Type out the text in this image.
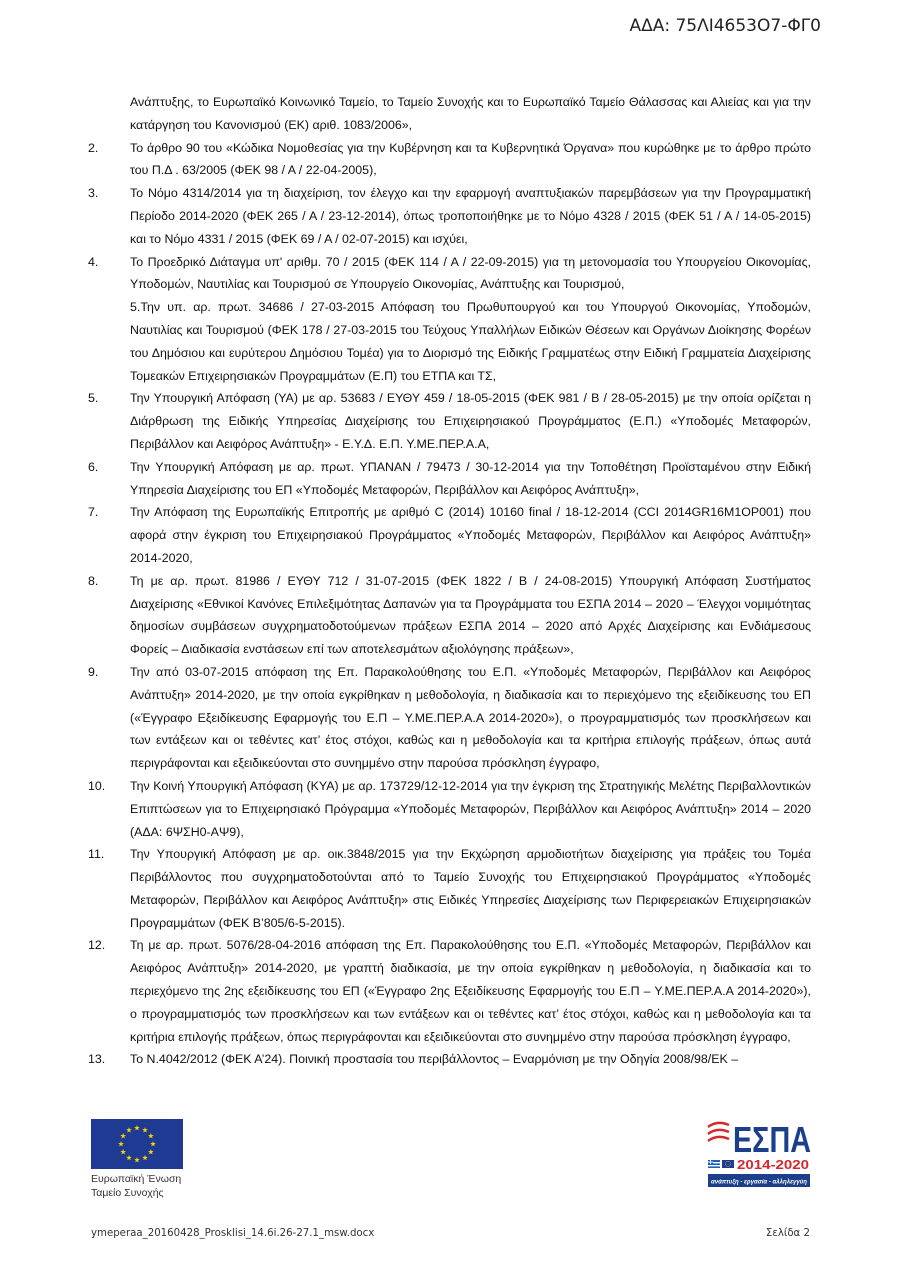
ΑΔΑ: 75ΛΙ4653Ο7-ΦΓ0
Ανάπτυξης, το Ευρωπαϊκό Κοινωνικό Ταμείο, το Ταμείο Συνοχής και το Ευρωπαϊκό Ταμείο Θάλασσας και Αλιείας και για την κατάργηση του Κανονισμού (ΕΚ) αριθ. 1083/2006»,
2.	Το άρθρο 90 του «Κώδικα Νομοθεσίας για την Κυβέρνηση και τα Κυβερνητικά Όργανα» που κυρώθηκε με το άρθρο πρώτο του Π.Δ . 63/2005 (ΦΕΚ 98 / Α / 22-04-2005),
3.	Το Νόμο 4314/2014 για τη διαχείριση, τον έλεγχο και την εφαρμογή αναπτυξιακών παρεμβάσεων για την Προγραμματική Περίοδο 2014-2020 (ΦΕΚ 265 / Α / 23-12-2014), όπως τροποποιήθηκε με το Νόμο 4328 / 2015 (ΦΕΚ 51 / Α / 14-05-2015) και το Νόμο 4331 / 2015 (ΦΕΚ 69 / Α / 02-07-2015) και ισχύει,
4.	Το Προεδρικό Διάταγμα υπ' αριθμ. 70 / 2015 (ΦΕΚ 114 / Α / 22-09-2015) για τη μετονομασία του Υπουργείου Οικονομίας, Υποδομών, Ναυτιλίας και Τουρισμού σε Υπουργείο Οικονομίας, Ανάπτυξης και Τουρισμού,
5.Την υπ. αρ. πρωτ. 34686 / 27-03-2015 Απόφαση του Πρωθυπουργού και του Υπουργού Οικονομίας, Υποδομών, Ναυτιλίας και Τουρισμού (ΦΕΚ 178 / 27-03-2015 του Τεύχους Υπαλλήλων Ειδικών Θέσεων και Οργάνων Διοίκησης Φορέων του Δημόσιου και ευρύτερου Δημόσιου Τομέα) για το Διορισμό της Ειδικής Γραμματέως στην Ειδική Γραμματεία Διαχείρισης Τομεακών Επιχειρησιακών Προγραμμάτων (Ε.Π) του ΕΤΠΑ και ΤΣ,
5.	Την Υπουργική Απόφαση (ΥΑ) με αρ. 53683 / ΕΥΘΥ 459 / 18-05-2015 (ΦΕΚ 981 / Β / 28-05-2015) με την οποία ορίζεται η Διάρθρωση της Ειδικής Υπηρεσίας Διαχείρισης του Επιχειρησιακού Προγράμματος (Ε.Π.) «Υποδομές Μεταφορών, Περιβάλλον και Αειφόρος Ανάπτυξη» - Ε.Υ.Δ. Ε.Π. Υ.ΜΕ.ΠΕΡ.Α.Α,
6.	Την Υπουργική Απόφαση με αρ. πρωτ. ΥΠΑΝΑΝ / 79473 / 30-12-2014 για την Τοποθέτηση Προϊσταμένου στην Ειδική Υπηρεσία Διαχείρισης του ΕΠ «Υποδομές Μεταφορών, Περιβάλλον και Αειφόρος Ανάπτυξη»,
7.	Την Απόφαση της Ευρωπαϊκής Επιτροπής με αριθμό C (2014) 10160 final / 18-12-2014 (CCI 2014GR16M1OP001) που αφορά στην έγκριση του Επιχειρησιακού Προγράμματος «Υποδομές Μεταφορών, Περιβάλλον και Αειφόρος Ανάπτυξη» 2014-2020,
8.	Τη με αρ. πρωτ. 81986 / ΕΥΘΥ 712 / 31-07-2015 (ΦΕΚ 1822 / Β / 24-08-2015) Υπουργική Απόφαση Συστήματος Διαχείρισης «Εθνικοί Κανόνες Επιλεξιμότητας Δαπανών για τα Προγράμματα του ΕΣΠΑ 2014 – 2020 – Έλεγχοι νομιμότητας δημοσίων συμβάσεων συγχρηματοδοτούμενων πράξεων ΕΣΠΑ 2014 – 2020 από Αρχές Διαχείρισης και Ενδιάμεσους Φορείς – Διαδικασία ενστάσεων επί των αποτελεσμάτων αξιολόγησης πράξεων»,
9.	Την από 03-07-2015 απόφαση της Επ. Παρακολούθησης του Ε.Π. «Υποδομές Μεταφορών, Περιβάλλον και Αειφόρος Ανάπτυξη» 2014-2020, με την οποία εγκρίθηκαν η μεθοδολογία, η διαδικασία και το περιεχόμενο της εξειδίκευσης του ΕΠ («Έγγραφο Εξειδίκευσης Εφαρμογής του Ε.Π – Υ.ΜΕ.ΠΕΡ.Α.Α 2014-2020»), ο προγραμματισμός των προσκλήσεων και των εντάξεων και οι τεθέντες κατ’ έτος στόχοι, καθώς και η μεθοδολογία και τα κριτήρια επιλογής πράξεων, όπως αυτά περιγράφονται και εξειδικεύονται στο συνημμένο στην παρούσα πρόσκληση έγγραφο,
10. Την Κοινή Υπουργική Απόφαση (ΚΥΑ) με αρ. 173729/12-12-2014 για την έγκριση της Στρατηγικής Μελέτης Περιβαλλοντικών Επιπτώσεων για το Επιχειρησιακό Πρόγραμμα «Υποδομές Μεταφορών, Περιβάλλον και Αειφόρος Ανάπτυξη» 2014 – 2020 (ΑΔΑ: 6ΨΣΗ0-ΑΨ9),
11. Την Υπουργική Απόφαση με αρ. οικ.3848/2015 για την Εκχώρηση αρμοδιοτήτων διαχείρισης για πράξεις του Τομέα Περιβάλλοντος που συγχρηματοδοτούνται από το Ταμείο Συνοχής του Επιχειρησιακού Προγράμματος «Υποδομές Μεταφορών, Περιβάλλον και Αειφόρος Ανάπτυξη» στις Ειδικές Υπηρεσίες Διαχείρισης των Περιφερειακών Επιχειρησιακών Προγραμμάτων (ΦΕΚ Β’805/6-5-2015).
12. Τη με αρ. πρωτ. 5076/28-04-2016 απόφαση της Επ. Παρακολούθησης του Ε.Π. «Υποδομές Μεταφορών, Περιβάλλον και Αειφόρος Ανάπτυξη» 2014-2020, με γραπτή διαδικασία, με την οποία εγκρίθηκαν η μεθοδολογία, η διαδικασία και το περιεχόμενο της 2ης εξειδίκευσης του ΕΠ («Έγγραφο 2ης Εξειδίκευσης Εφαρμογής του Ε.Π – Υ.ΜΕ.ΠΕΡ.Α.Α 2014-2020»), ο προγραμματισμός των προσκλήσεων και των εντάξεων και οι τεθέντες κατ’ έτος στόχοι, καθώς και η μεθοδολογία και τα κριτήρια επιλογής πράξεων, όπως περιγράφονται και εξειδικεύονται στο συνημμένο στην παρούσα πρόσκληση έγγραφο,
13. Το Ν.4042/2012 (ΦΕΚ Α’24). Ποινική προστασία του περιβάλλοντος – Εναρμόνιση με την Οδηγία 2008/98/ΕΚ –
Ευρωπαϊκή Ένωση
Ταμείο Συνοχής
ΕΣΠΑ
2014-2020
ανάπτυξη - εργασία - αλληλεγγύη
ymeperaa_20160428_Prosklisi_14.6i.26-27.1_msw.docx	Σελίδα 2
